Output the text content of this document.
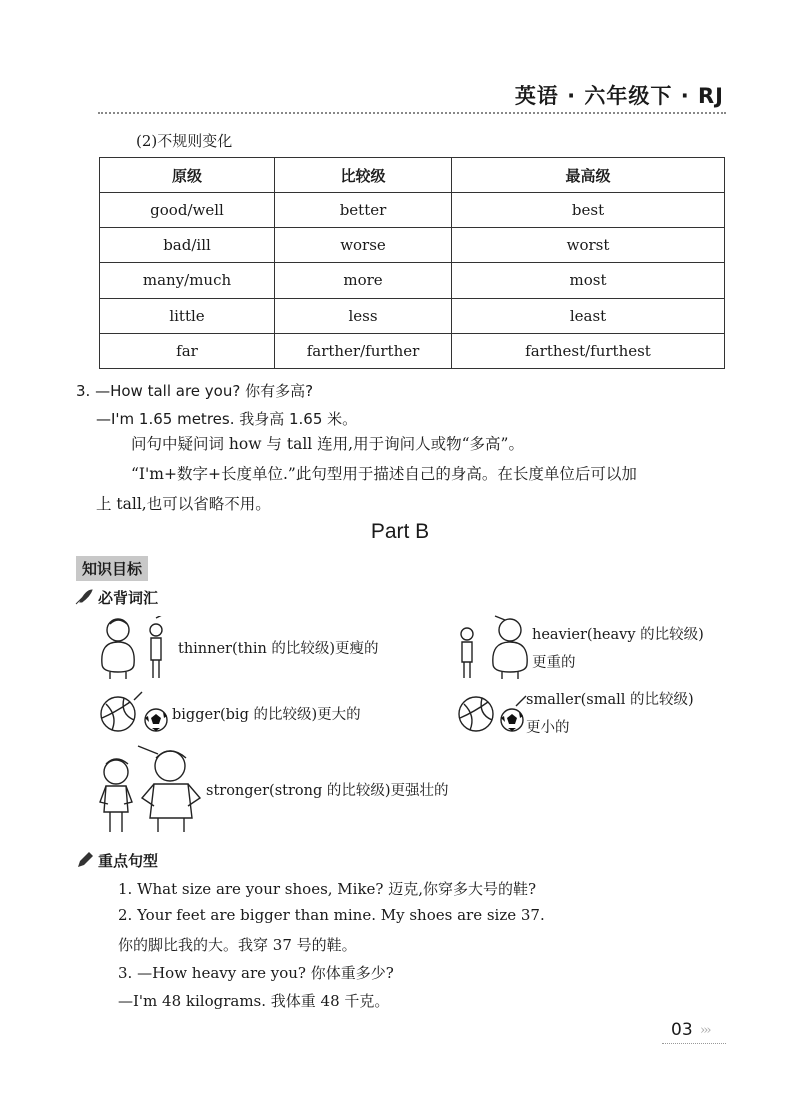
英语 · 六年级下 · RJ
(2)不规则变化
原级	比较级	最高级
good/well	better	best
bad/ill	worse	worst
many/much	more	most
little	less	least
far	farther/further	farthest/furthest
3. —How tall are you? 你有多高?
—I'm 1.65 metres. 我身高 1.65 米。
问句中疑问词 how 与 tall 连用,用于询问人或物“多高”。
“I'm+数字+长度单位.”此句型用于描述自己的身高。在长度单位后可以加
上 tall,也可以省略不用。
Part B
知识目标
必背词汇
thinner(thin 的比较级)更瘦的
heavier(heavy 的比较级)
更重的
bigger(big 的比较级)更大的
smaller(small 的比较级)
更小的
stronger(strong 的比较级)更强壮的
重点句型
1. What size are your shoes, Mike? 迈克,你穿多大号的鞋?
2. Your feet are bigger than mine. My shoes are size 37.
你的脚比我的大。我穿 37 号的鞋。
3. —How heavy are you? 你体重多少?
—I'm 48 kilograms. 我体重 48 千克。
03 ›››
